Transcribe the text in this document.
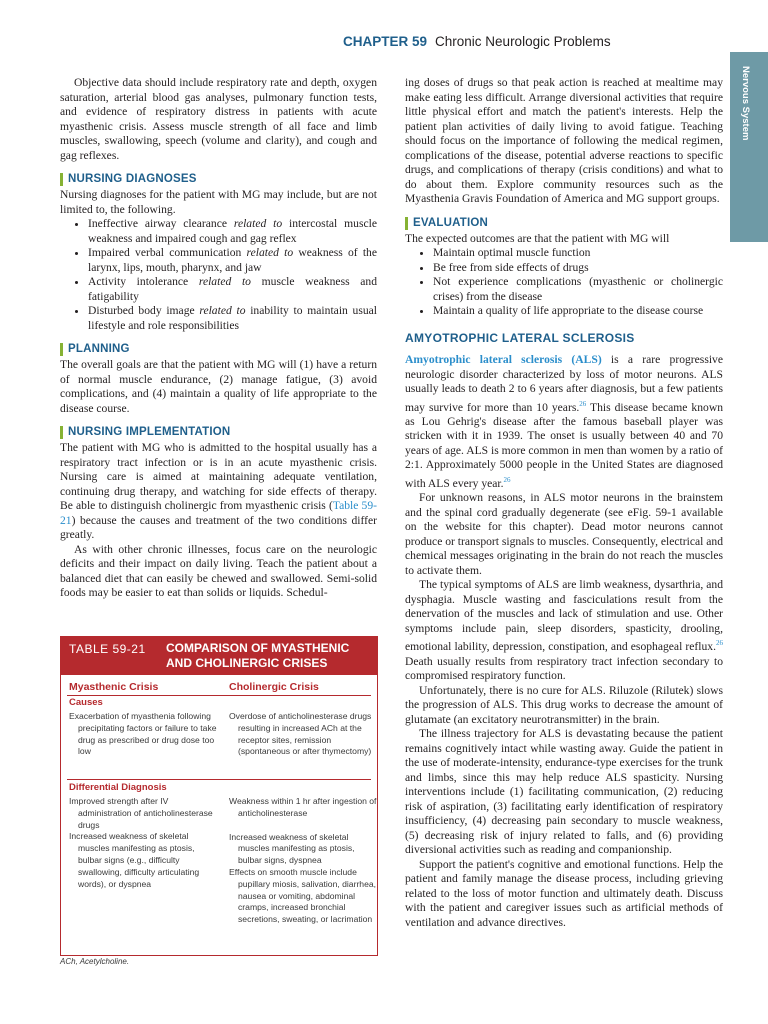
CHAPTER 59 Chronic Neurologic Problems
Nervous System

Objective data should include respiratory rate and depth, oxygen saturation, arterial blood gas analyses, pulmonary function tests, and evidence of respiratory distress in patients with acute myasthenic crisis. Assess muscle strength of all face and limb muscles, swallowing, speech (volume and clarity), and cough and gag reflexes.

NURSING DIAGNOSES

Nursing diagnoses for the patient with MG may include, but are not limited to, the following.

• Ineffective airway clearance related to intercostal muscle weakness and impaired cough and gag reflex
• Impaired verbal communication related to weakness of the larynx, lips, mouth, pharynx, and jaw
• Activity intolerance related to muscle weakness and fatigability
• Disturbed body image related to inability to maintain usual lifestyle and role responsibilities
PLANNING

The overall goals are that the patient with MG will (1) have a return of normal muscle endurance, (2) manage fatigue, (3) avoid complications, and (4) maintain a quality of life appropriate to the disease course.

NURSING IMPLEMENTATION

The patient with MG who is admitted to the hospital usually has a respiratory tract infection or is in an acute myasthenic crisis. Nursing care is aimed at maintaining adequate ventilation, continuing drug therapy, and watching for side effects of therapy. Be able to distinguish cholinergic from myasthenic crisis (Table 59-21) because the causes and treatment of the two conditions differ greatly.

As with other chronic illnesses, focus care on the neurologic deficits and their impact on daily living. Teach the patient about a balanced diet that can easily be chewed and swallowed. Semi-solid foods may be easier to eat than solids or liquids. Schedul-

TABLE 59-21 COMPARISON OF MYASTHENIC
AND CHOLINERGIC CRISES
Myasthenic Crisis	Cholinergic Crisis
Causes
Exacerbation of myasthenia following precipitating factors or failure to take drug as prescribed or drug dose too low
Overdose of anticholinesterase drugs resulting in increased ACh at the receptor sites, remission (spontaneous or after thymectomy)
Differential Diagnosis
Improved strength after IV administration of anticholinesterase drugs
Increased weakness of skeletal muscles manifesting as ptosis, bulbar signs (e.g., difficulty swallowing, difficulty articulating words), or dyspnea
Weakness within 1 hr after ingestion of anticholinesterase
Increased weakness of skeletal muscles manifesting as ptosis, bulbar signs, dyspnea
Effects on smooth muscle include pupillary miosis, salivation, diarrhea, nausea or vomiting, abdominal cramps, increased bronchial secretions, sweating, or lacrimation
ACh, Acetylcholine.

ing doses of drugs so that peak action is reached at mealtime may make eating less difficult. Arrange diversional activities that require little physical effort and match the patient's interests. Help the patient plan activities of daily living to avoid fatigue. Teaching should focus on the importance of following the medical regimen, complications of the disease, potential adverse reactions to specific drugs, and complications of therapy (crisis conditions) and what to do about them. Explore community resources such as the Myasthenia Gravis Foundation of America and MG support groups.

EVALUATION

The expected outcomes are that the patient with MG will

• Maintain optimal muscle function
• Be free from side effects of drugs
• Not experience complications (myasthenic or cholinergic crises) from the disease
• Maintain a quality of life appropriate to the disease course
AMYOTROPHIC LATERAL SCLEROSIS

Amyotrophic lateral sclerosis (ALS) is a rare progressive neurologic disorder characterized by loss of motor neurons. ALS usually leads to death 2 to 6 years after diagnosis, but a few patients may survive for more than 10 years.$^{26}$ This disease became known as Lou Gehrig's disease after the famous baseball player was stricken with it in 1939. The onset is usually between 40 and 70 years of age. ALS is more common in men than women by a ratio of 2:1. Approximately 5000 people in the United States are diagnosed with ALS every year.$^{26}$

For unknown reasons, in ALS motor neurons in the brainstem and the spinal cord gradually degenerate (see eFig. 59-1 available on the website for this chapter). Dead motor neurons cannot produce or transport signals to muscles. Consequently, electrical and chemical messages originating in the brain do not reach the muscles to activate them.

The typical symptoms of ALS are limb weakness, dysarthria, and dysphagia. Muscle wasting and fasciculations result from the denervation of the muscles and lack of stimulation and use. Other symptoms include pain, sleep disorders, spasticity, drooling, emotional lability, depression, constipation, and esophageal reflux.$^{26}$ Death usually results from respiratory tract infection secondary to compromised respiratory function.

Unfortunately, there is no cure for ALS. Riluzole (Rilutek) slows the progression of ALS. This drug works to decrease the amount of glutamate (an excitatory neurotransmitter) in the brain.

The illness trajectory for ALS is devastating because the patient remains cognitively intact while wasting away. Guide the patient in the use of moderate-intensity, endurance-type exercises for the trunk and limbs, since this may help reduce ALS spasticity. Nursing interventions include (1) facilitating communication, (2) reducing risk of aspiration, (3) facilitating early identification of respiratory insufficiency, (4) decreasing pain secondary to muscle weakness, (5) decreasing risk of injury related to falls, and (6) providing diversional activities such as reading and companionship.

Support the patient's cognitive and emotional functions. Help the patient and family manage the disease process, including grieving related to the loss of motor function and ultimately death. Discuss with the patient and caregiver issues such as artificial methods of ventilation and advance directives.
